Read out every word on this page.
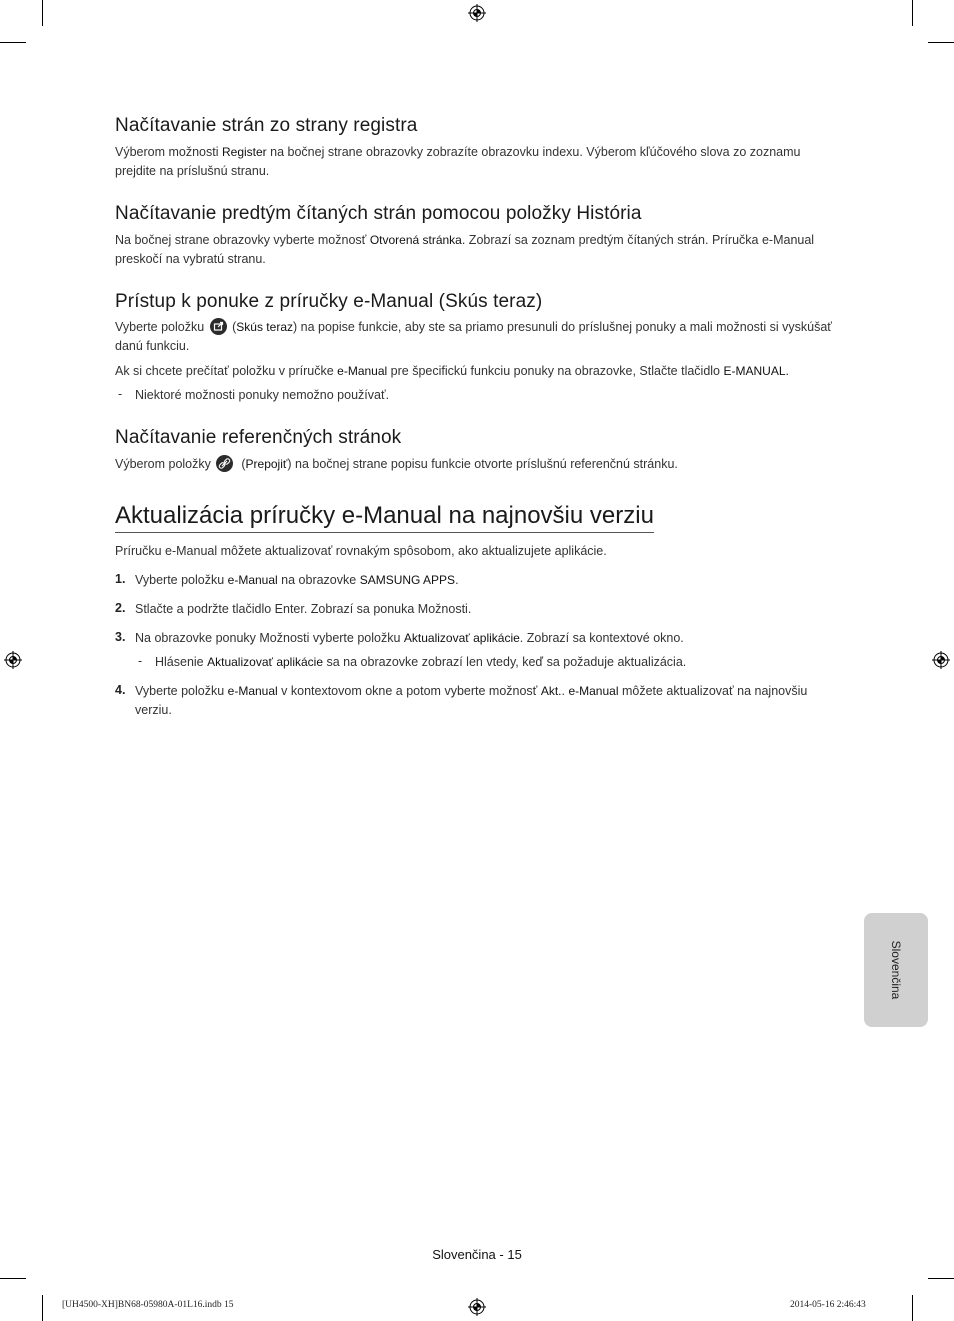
Načítavanie strán zo strany registra

Výberom možnosti Register na bočnej strane obrazovky zobrazíte obrazovku indexu. Výberom kľúčového slova zo zoznamu prejdite na príslušnú stranu.

Načítavanie predtým čítaných strán pomocou položky História

Na bočnej strane obrazovky vyberte možnosť Otvorená stránka. Zobrazí sa zoznam predtým čítaných strán. Príručka e-Manual preskočí na vybratú stranu.

Prístup k ponuke z príručky e-Manual (Skús teraz)

Vyberte položku
(Skús teraz) na popise funkcie, aby ste sa priamo presunuli do príslušnej ponuky a mali možnosti si vyskúšať danú funkciu.

Ak si chcete prečítať položku v príručke e-Manual pre špecifickú funkciu ponuky na obrazovke, Stlačte tlačidlo E-MANUAL.

- Niektoré možnosti ponuky nemožno používať.

Načítavanie referenčných stránok

Výberom položky
(Prepojiť) na bočnej strane popisu funkcie otvorte príslušnú referenčnú stránku.

Aktualizácia príručky e-Manual na najnovšiu verziu

Príručku e-Manual môžete aktualizovať rovnakým spôsobom, ako aktualizujete aplikácie.

1. Vyberte položku e-Manual na obrazovke SAMSUNG APPS.

2. Stlačte a podržte tlačidlo Enter. Zobrazí sa ponuka Možnosti.

3. Na obrazovke ponuky Možnosti vyberte položku Aktualizovať aplikácie. Zobrazí sa kontextové okno.

- Hlásenie Aktualizovať aplikácie sa na obrazovke zobrazí len vtedy, keď sa požaduje aktualizácia.

4. Vyberte položku e-Manual v kontextovom okne a potom vyberte možnosť Akt.. e-Manual môžete aktualizovať na najnovšiu verziu.

Slovenčina
Slovenčina - 15
[UH4500-XH]BN68-05980A-01L16.indb 15	2014-05-16 2:46:43
